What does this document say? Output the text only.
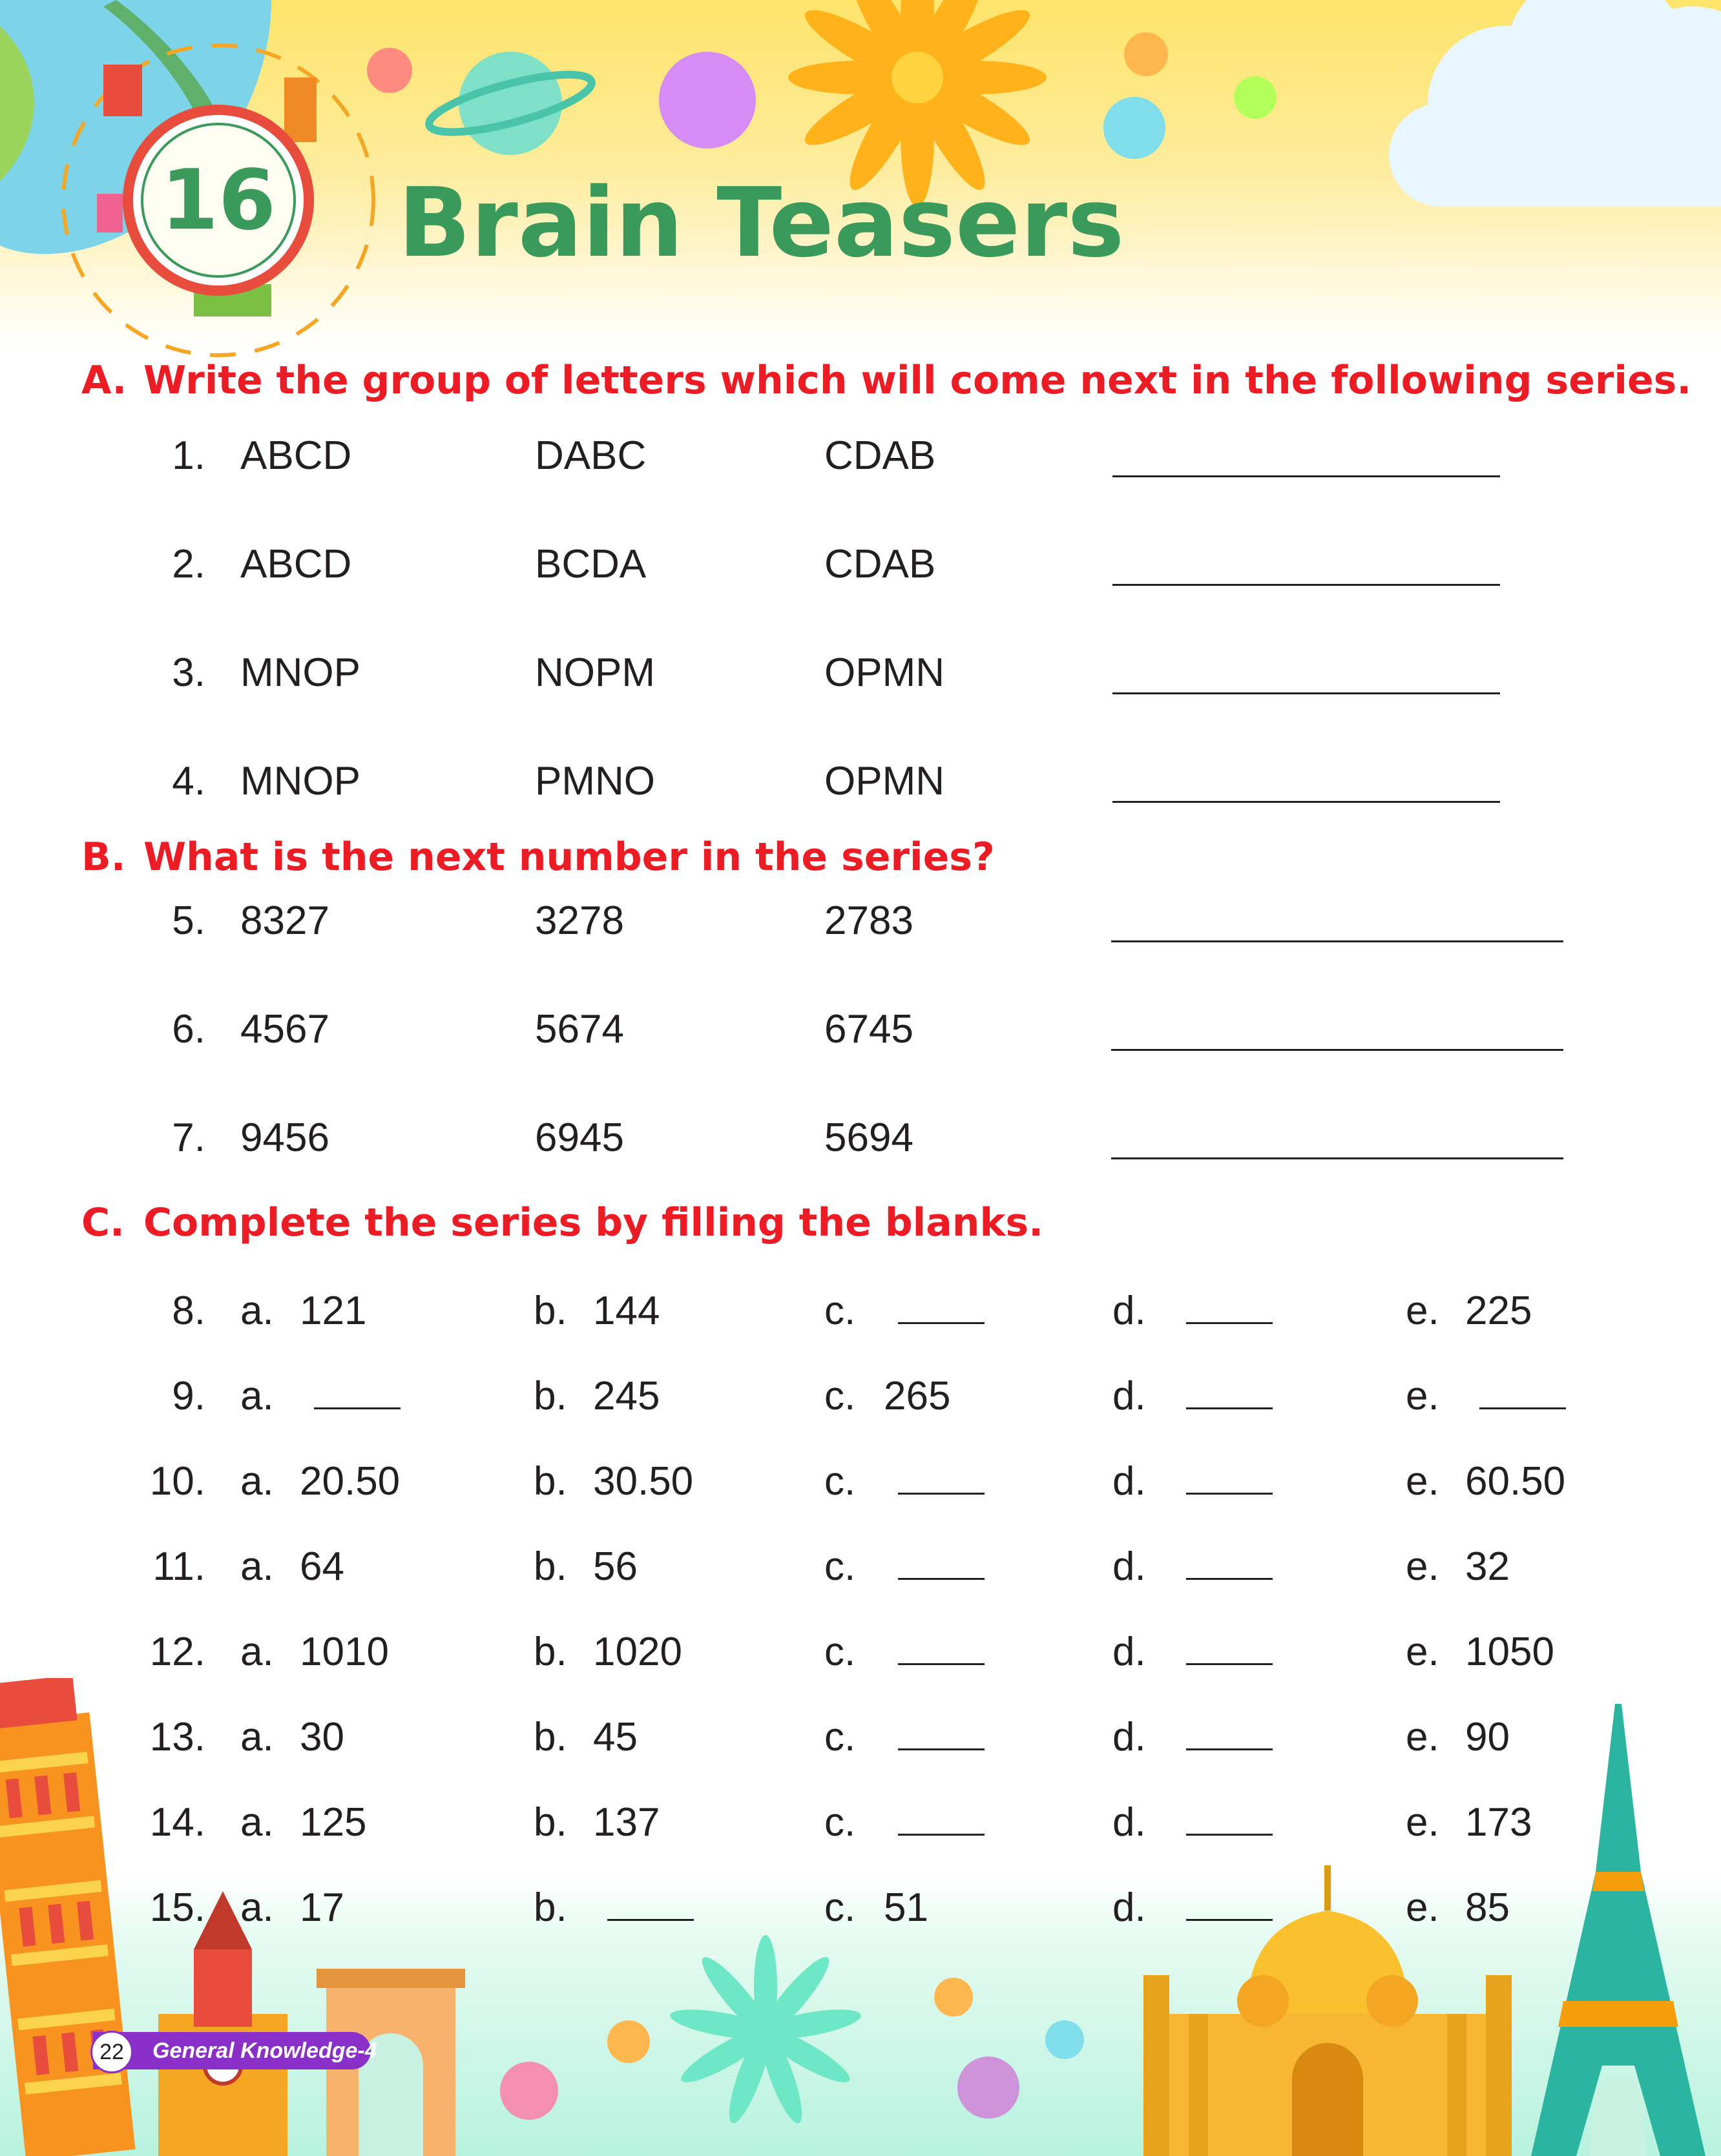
16 Brain Teasers
A. Write the group of letters which will come next in the following series.
1. ABCD	DABC	CDAB
2. ABCD	BCDA	CDAB
3. MNOP	NOPM	OPMN
4. MNOP	PMNO	OPMN
B. What is the next number in the series?
5. 8327	3278	2783
6. 4567	5674	6745
7. 9456	6945	5694
C. Complete the series by filling the blanks.
8. a. 121	b. 144	c.	d.	e. 225
9. a.	b. 245	c. 265	d.	e.
10. a. 20.50	b. 30.50	c.	d.	e. 60.50
11. a. 64	b. 56	c.	d.	e. 32
12. a. 1010	b. 1020	c.	d.	e. 1050
13. a. 30	b. 45	c.	d.	e. 90
14. a. 125	b. 137	c.	d.	e. 173
15. a. 17	b.	c. 51	d.	e. 85
22	General Knowledge-4
